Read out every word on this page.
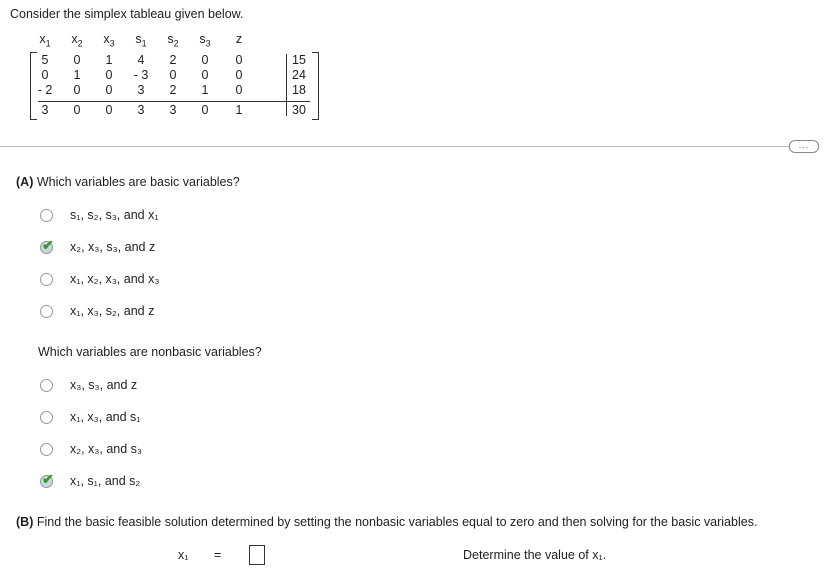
Consider the simplex tableau given below.
$x_1$	$x_2$	$x_3$	$s_1$	$s_2$	$s_3$	z
5	0	1	4	2	0	0	15
0	1	0	- 3	0	0	0	24
- 2	0	0	3	2	1	0	18
3	0	0	3	3	0	1	30
...
(A) Which variables are basic variables?
s₁, s₂, s₃, and x₁
✔ x₂, x₃, s₃, and z
x₁, x₂, x₃, and x₃
x₁, x₃, s₂, and z
Which variables are nonbasic variables?
x₃, s₃, and z
x₁, x₃, and s₁
x₂, x₃, and s₃
✔ x₁, s₁, and s₂
(B) Find the basic feasible solution determined by setting the nonbasic variables equal to zero and then solving for the basic variables.
x₁ =	Determine the value of x₁.
